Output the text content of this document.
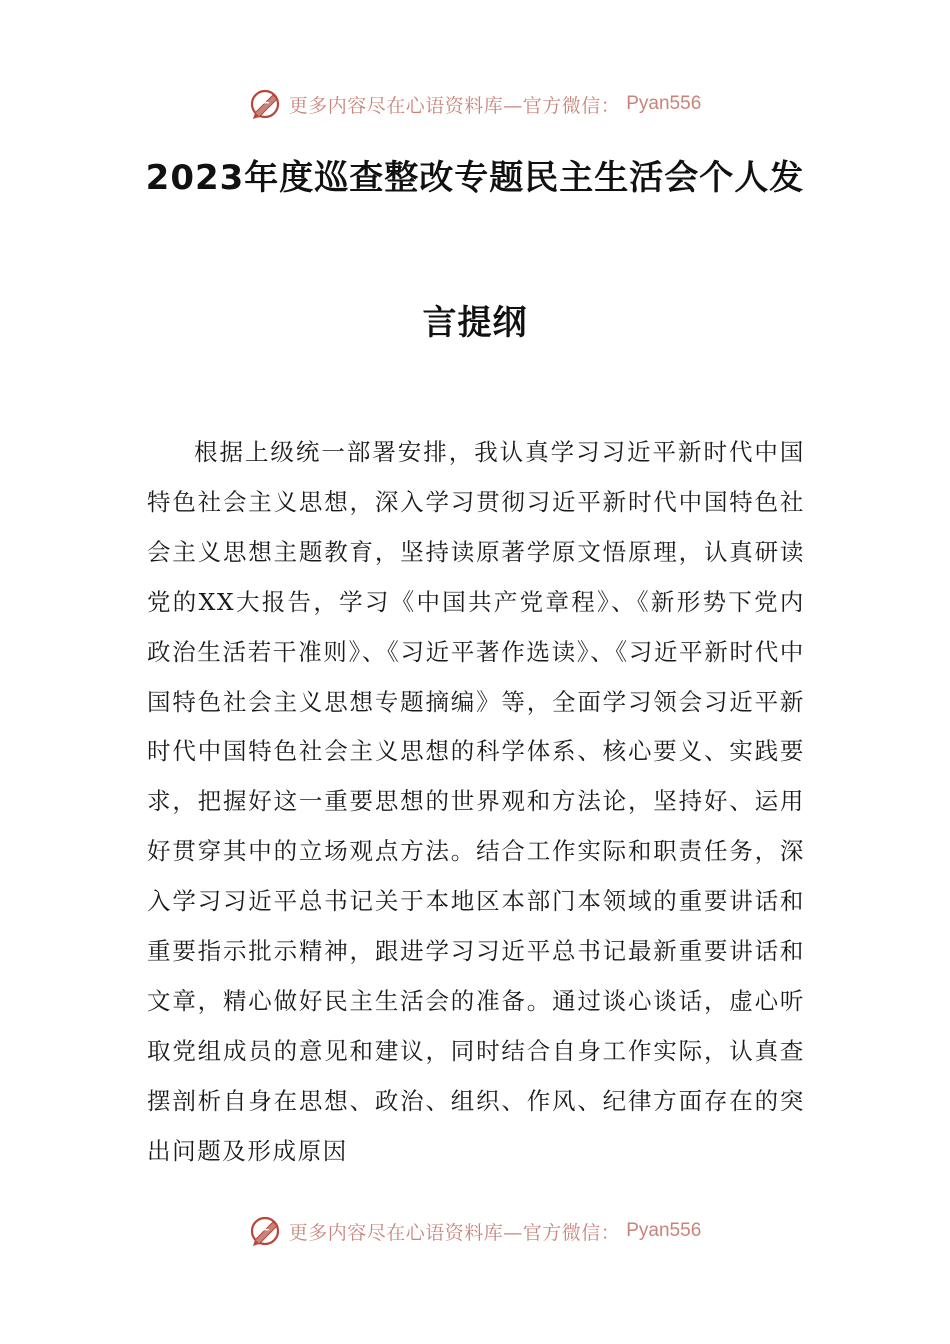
更多内容尽在心语资料库—官方微信： Pyan556
2023年度巡查整改专题民主生活会个人发
言提纲

根据上级统一部署安排，我认真学习习近平新时代中国特色社会主义思想，深入学习贯彻习近平新时代中国特色社会主义思想主题教育，坚持读原著学原文悟原理，认真研读党的XX大报告，学习《中国共产党章程》、《新形势下党内政治生活若干准则》、《习近平著作选读》、《习近平新时代中国特色社会主义思想专题摘编》等，全面学习领会习近平新时代中国特色社会主义思想的科学体系、核心要义、实践要求，把握好这一重要思想的世界观和方法论，坚持好、运用好贯穿其中的立场观点方法。结合工作实际和职责任务，深入学习习近平总书记关于本地区本部门本领域的重要讲话和重要指示批示精神，跟进学习习近平总书记最新重要讲话和文章，精心做好民主生活会的准备。通过谈心谈话，虚心听取党组成员的意见和建议，同时结合自身工作实际，认真查摆剖析自身在思想、政治、组织、作风、纪律方面存在的突出问题及形成原因

更多内容尽在心语资料库—官方微信： Pyan556
